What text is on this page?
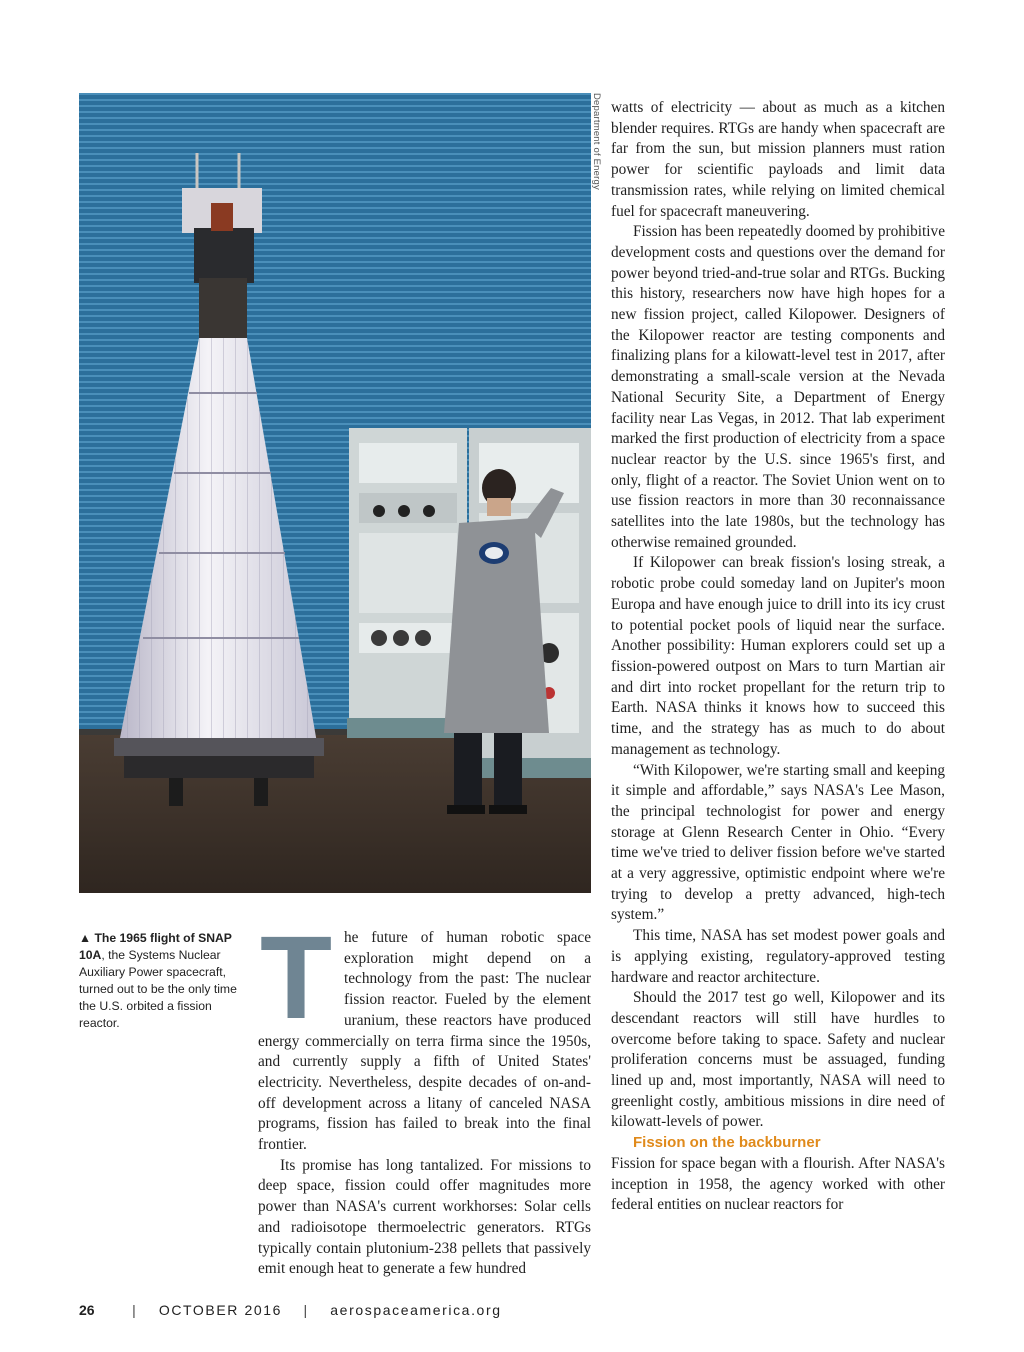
Department of Energy
▲ The 1965 flight of SNAP 10A, the Systems Nuclear Auxiliary Power spacecraft, turned out to be the only time the U.S. orbited a fission reactor.	The future of human robotic space exploration might depend on a technology from the past: The nuclear fission reactor. Fueled by the element uranium, these reactors have produced energy commercially on terra firma since the 1950s, and currently supply a fifth of United States' electricity. Nevertheless, despite decades of on-and-off development across a litany of canceled NASA programs, fission has failed to break into the final frontier.

Its promise has long tantalized. For missions to deep space, fission could offer magnitudes more power than NASA's current workhorses: Solar cells and radioisotope thermoelectric generators. RTGs typically contain plutonium-238 pellets that passively emit enough heat to generate a few hundred

watts of electricity — about as much as a kitchen blender requires. RTGs are handy when spacecraft are far from the sun, but mission planners must ration power for scientific payloads and limit data transmission rates, while relying on limited chemical fuel for spacecraft maneuvering.

Fission has been repeatedly doomed by prohibitive development costs and questions over the demand for power beyond tried-and-true solar and RTGs. Bucking this history, researchers now have high hopes for a new fission project, called Kilopower. Designers of the Kilopower reactor are testing components and finalizing plans for a kilowatt-level test in 2017, after demonstrating a small-scale version at the Nevada National Security Site, a Department of Energy facility near Las Vegas, in 2012. That lab experiment marked the first production of electricity from a space nuclear reactor by the U.S. since 1965's first, and only, flight of a reactor. The Soviet Union went on to use fission reactors in more than 30 reconnaissance satellites into the late 1980s, but the technology has otherwise remained grounded.

If Kilopower can break fission's losing streak, a robotic probe could someday land on Jupiter's moon Europa and have enough juice to drill into its icy crust to potential pocket pools of liquid near the surface. Another possibility: Human explorers could set up a fission-powered outpost on Mars to turn Martian air and dirt into rocket propellant for the return trip to Earth. NASA thinks it knows how to succeed this time, and the strategy has as much to do about management as technology.

“With Kilopower, we're starting small and keeping it simple and affordable,” says NASA's Lee Mason, the principal technologist for power and energy storage at Glenn Research Center in Ohio. “Every time we've tried to deliver fission before we've started at a very aggressive, optimistic endpoint where we're trying to develop a pretty advanced, high-tech system.”

This time, NASA has set modest power goals and is applying existing, regulatory-approved testing hardware and reactor architecture.

Should the 2017 test go well, Kilopower and its descendant reactors will still have hurdles to overcome before taking to space. Safety and nuclear proliferation concerns must be assuaged, funding lined up and, most importantly, NASA will need to greenlight costly, ambitious missions in dire need of kilowatt-levels of power.

Fission on the backburner

Fission for space began with a flourish. After NASA's inception in 1958, the agency worked with other federal entities on nuclear reactors for

26	| OCTOBER 2016 | aerospaceamerica.org
